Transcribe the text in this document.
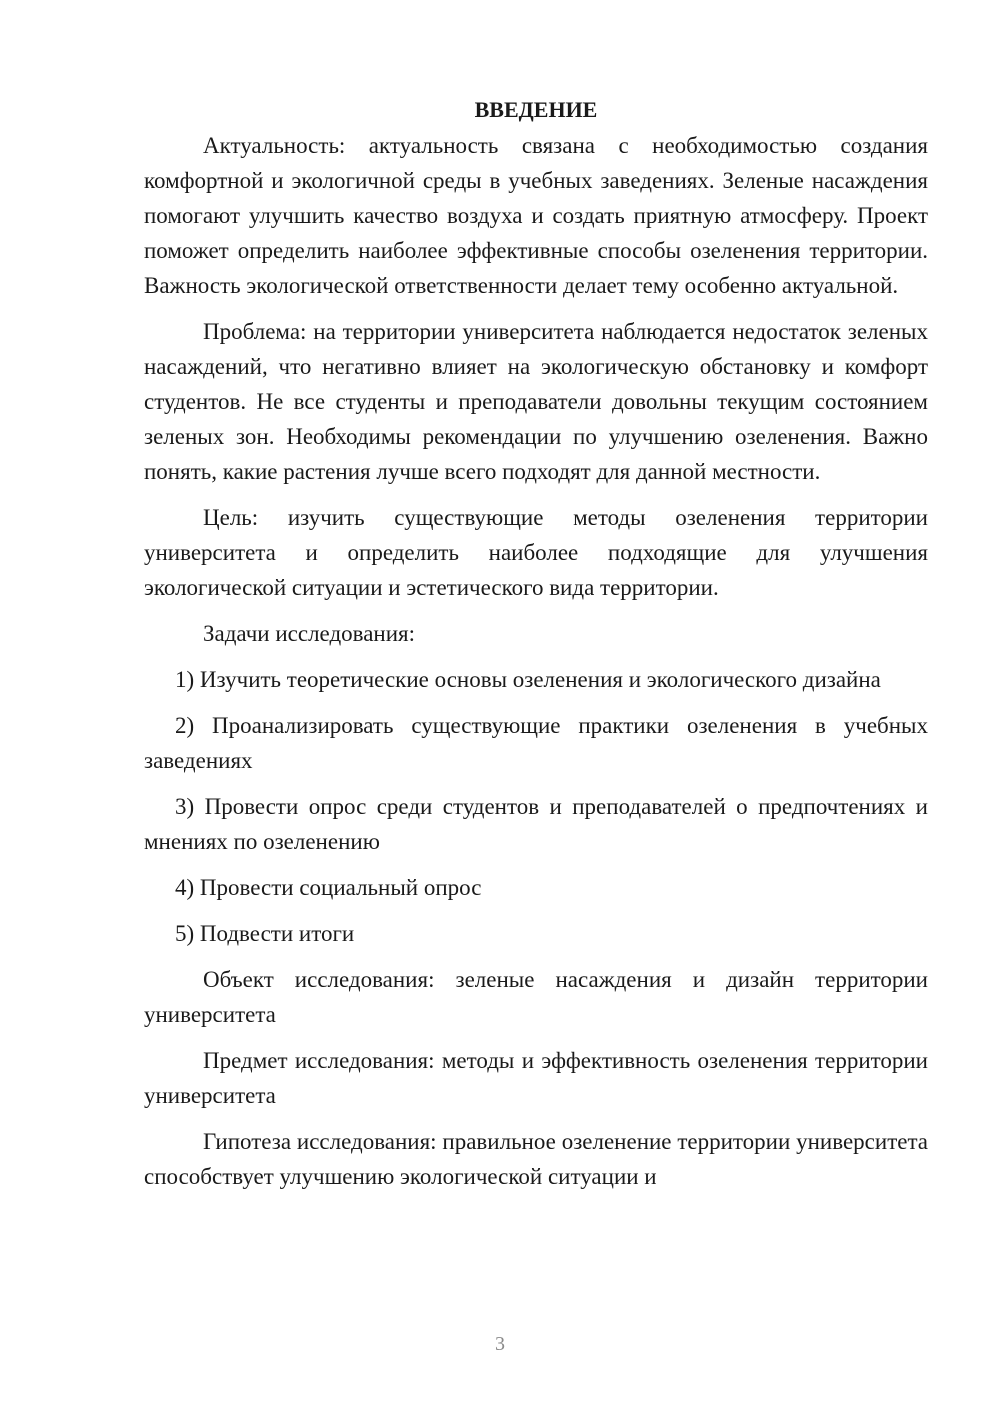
ВВЕДЕНИЕ

Актуальность: актуальность связана с необходимостью создания комфортной и экологичной среды в учебных заведениях. Зеленые насаждения помогают улучшить качество воздуха и создать приятную атмосферу. Проект поможет определить наиболее эффективные способы озеленения территории. Важность экологической ответственности делает тему особенно актуальной.

Проблема: на территории университета наблюдается недостаток зеленых насаждений, что негативно влияет на экологическую обстановку и комфорт студентов. Не все студенты и преподаватели довольны текущим состоянием зеленых зон. Необходимы рекомендации по улучшению озеленения. Важно понять, какие растения лучше всего подходят для данной местности.

Цель: изучить существующие методы озеленения территории университета и определить наиболее подходящие для улучшения экологической ситуации и эстетического вида территории.

Задачи исследования:

1) Изучить теоретические основы озеленения и экологического дизайна

2) Проанализировать существующие практики озеленения в учебных заведениях

3) Провести опрос среди студентов и преподавателей о предпочтениях и мнениях по озеленению

4) Провести социальный опрос

5) Подвести итоги

Объект исследования: зеленые насаждения и дизайн территории университета

Предмет исследования: методы и эффективность озеленения территории университета

Гипотеза исследования: правильное озеленение территории университета способствует улучшению экологической ситуации и

3
